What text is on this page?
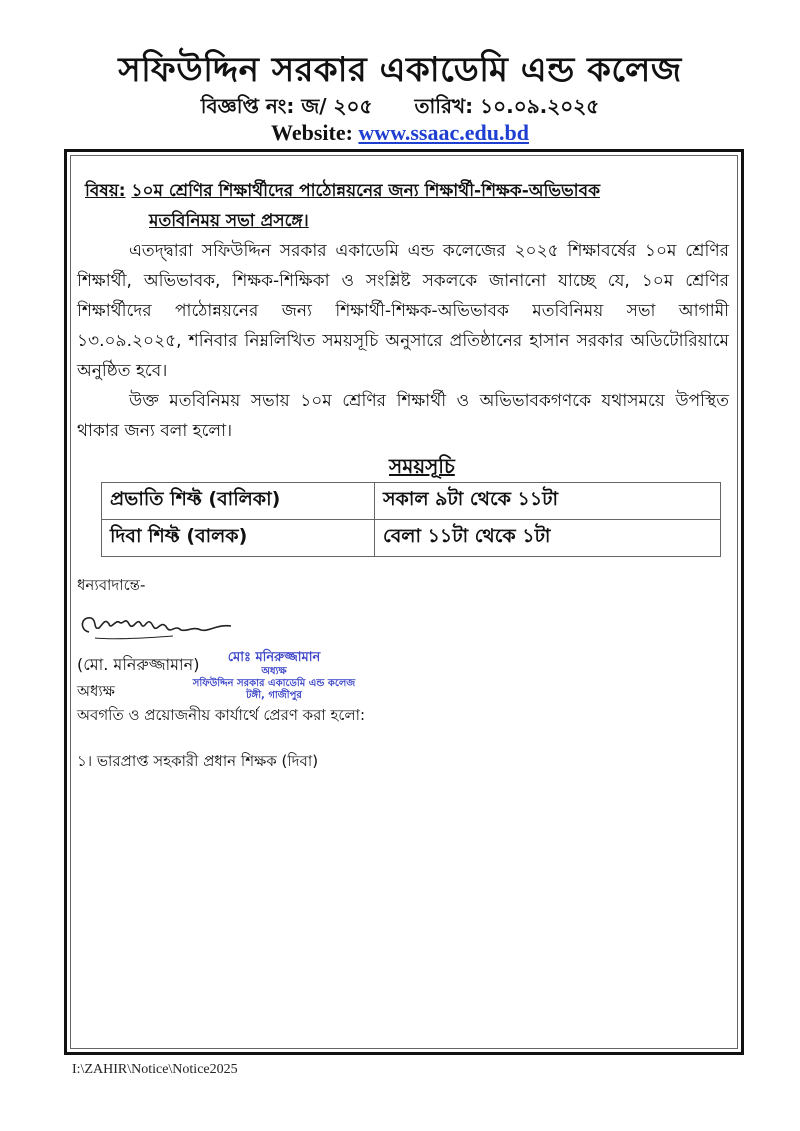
সফিউদ্দিন সরকার একাডেমি এন্ড কলেজ
বিজ্ঞপ্তি নং: জ/ ২০৫ তারিখ: ১০.০৯.২০২৫
Website: www.ssaac.edu.bd
বিষয়: ১০ম শ্রেণির শিক্ষার্থীদের পাঠোন্নয়নের জন্য শিক্ষার্থী-শিক্ষক-অভিভাবক
মতবিনিময় সভা প্রসঙ্গে।
এতদ্দ্বারা সফিউদ্দিন সরকার একাডেমি এন্ড কলেজের ২০২৫ শিক্ষাবর্ষের ১০ম শ্রেণির শিক্ষার্থী, অভিভাবক, শিক্ষক-শিক্ষিকা ও সংশ্লিষ্ট সকলকে জানানো যাচ্ছে যে, ১০ম শ্রেণির শিক্ষার্থীদের পাঠোন্নয়নের জন্য শিক্ষার্থী-শিক্ষক-অভিভাবক মতবিনিময় সভা আগামী ১৩.০৯.২০২৫, শনিবার নিম্নলিখিত সময়সূচি অনুসারে প্রতিষ্ঠানের হাসান সরকার অডিটোরিয়ামে অনুষ্ঠিত হবে।
উক্ত মতবিনিময় সভায় ১০ম শ্রেণির শিক্ষার্থী ও অভিভাবকগণকে যথাসময়ে উপস্থিত থাকার জন্য বলা হলো।
সময়সূচি
প্রভাতি শিফ্ট (বালিকা)	সকাল ৯টা থেকে ১১টা
দিবা শিফ্ট (বালক)	বেলা ১১টা থেকে ১টা
ধন্যবাদান্তে-
(মো. মনিরুজ্জামান)	মোঃ মনিরুজ্জামান
অধ্যক্ষ
সফিউদ্দিন সরকার একাডেমি এন্ড কলেজ
টঙ্গী, গাজীপুর
অধ্যক্ষ
অবগতি ও প্রয়োজনীয় কার্যার্থে প্রেরণ করা হলো:
১। ভারপ্রাপ্ত সহকারী প্রধান শিক্ষক (দিবা)
I:\ZAHIR\Notice\Notice2025
